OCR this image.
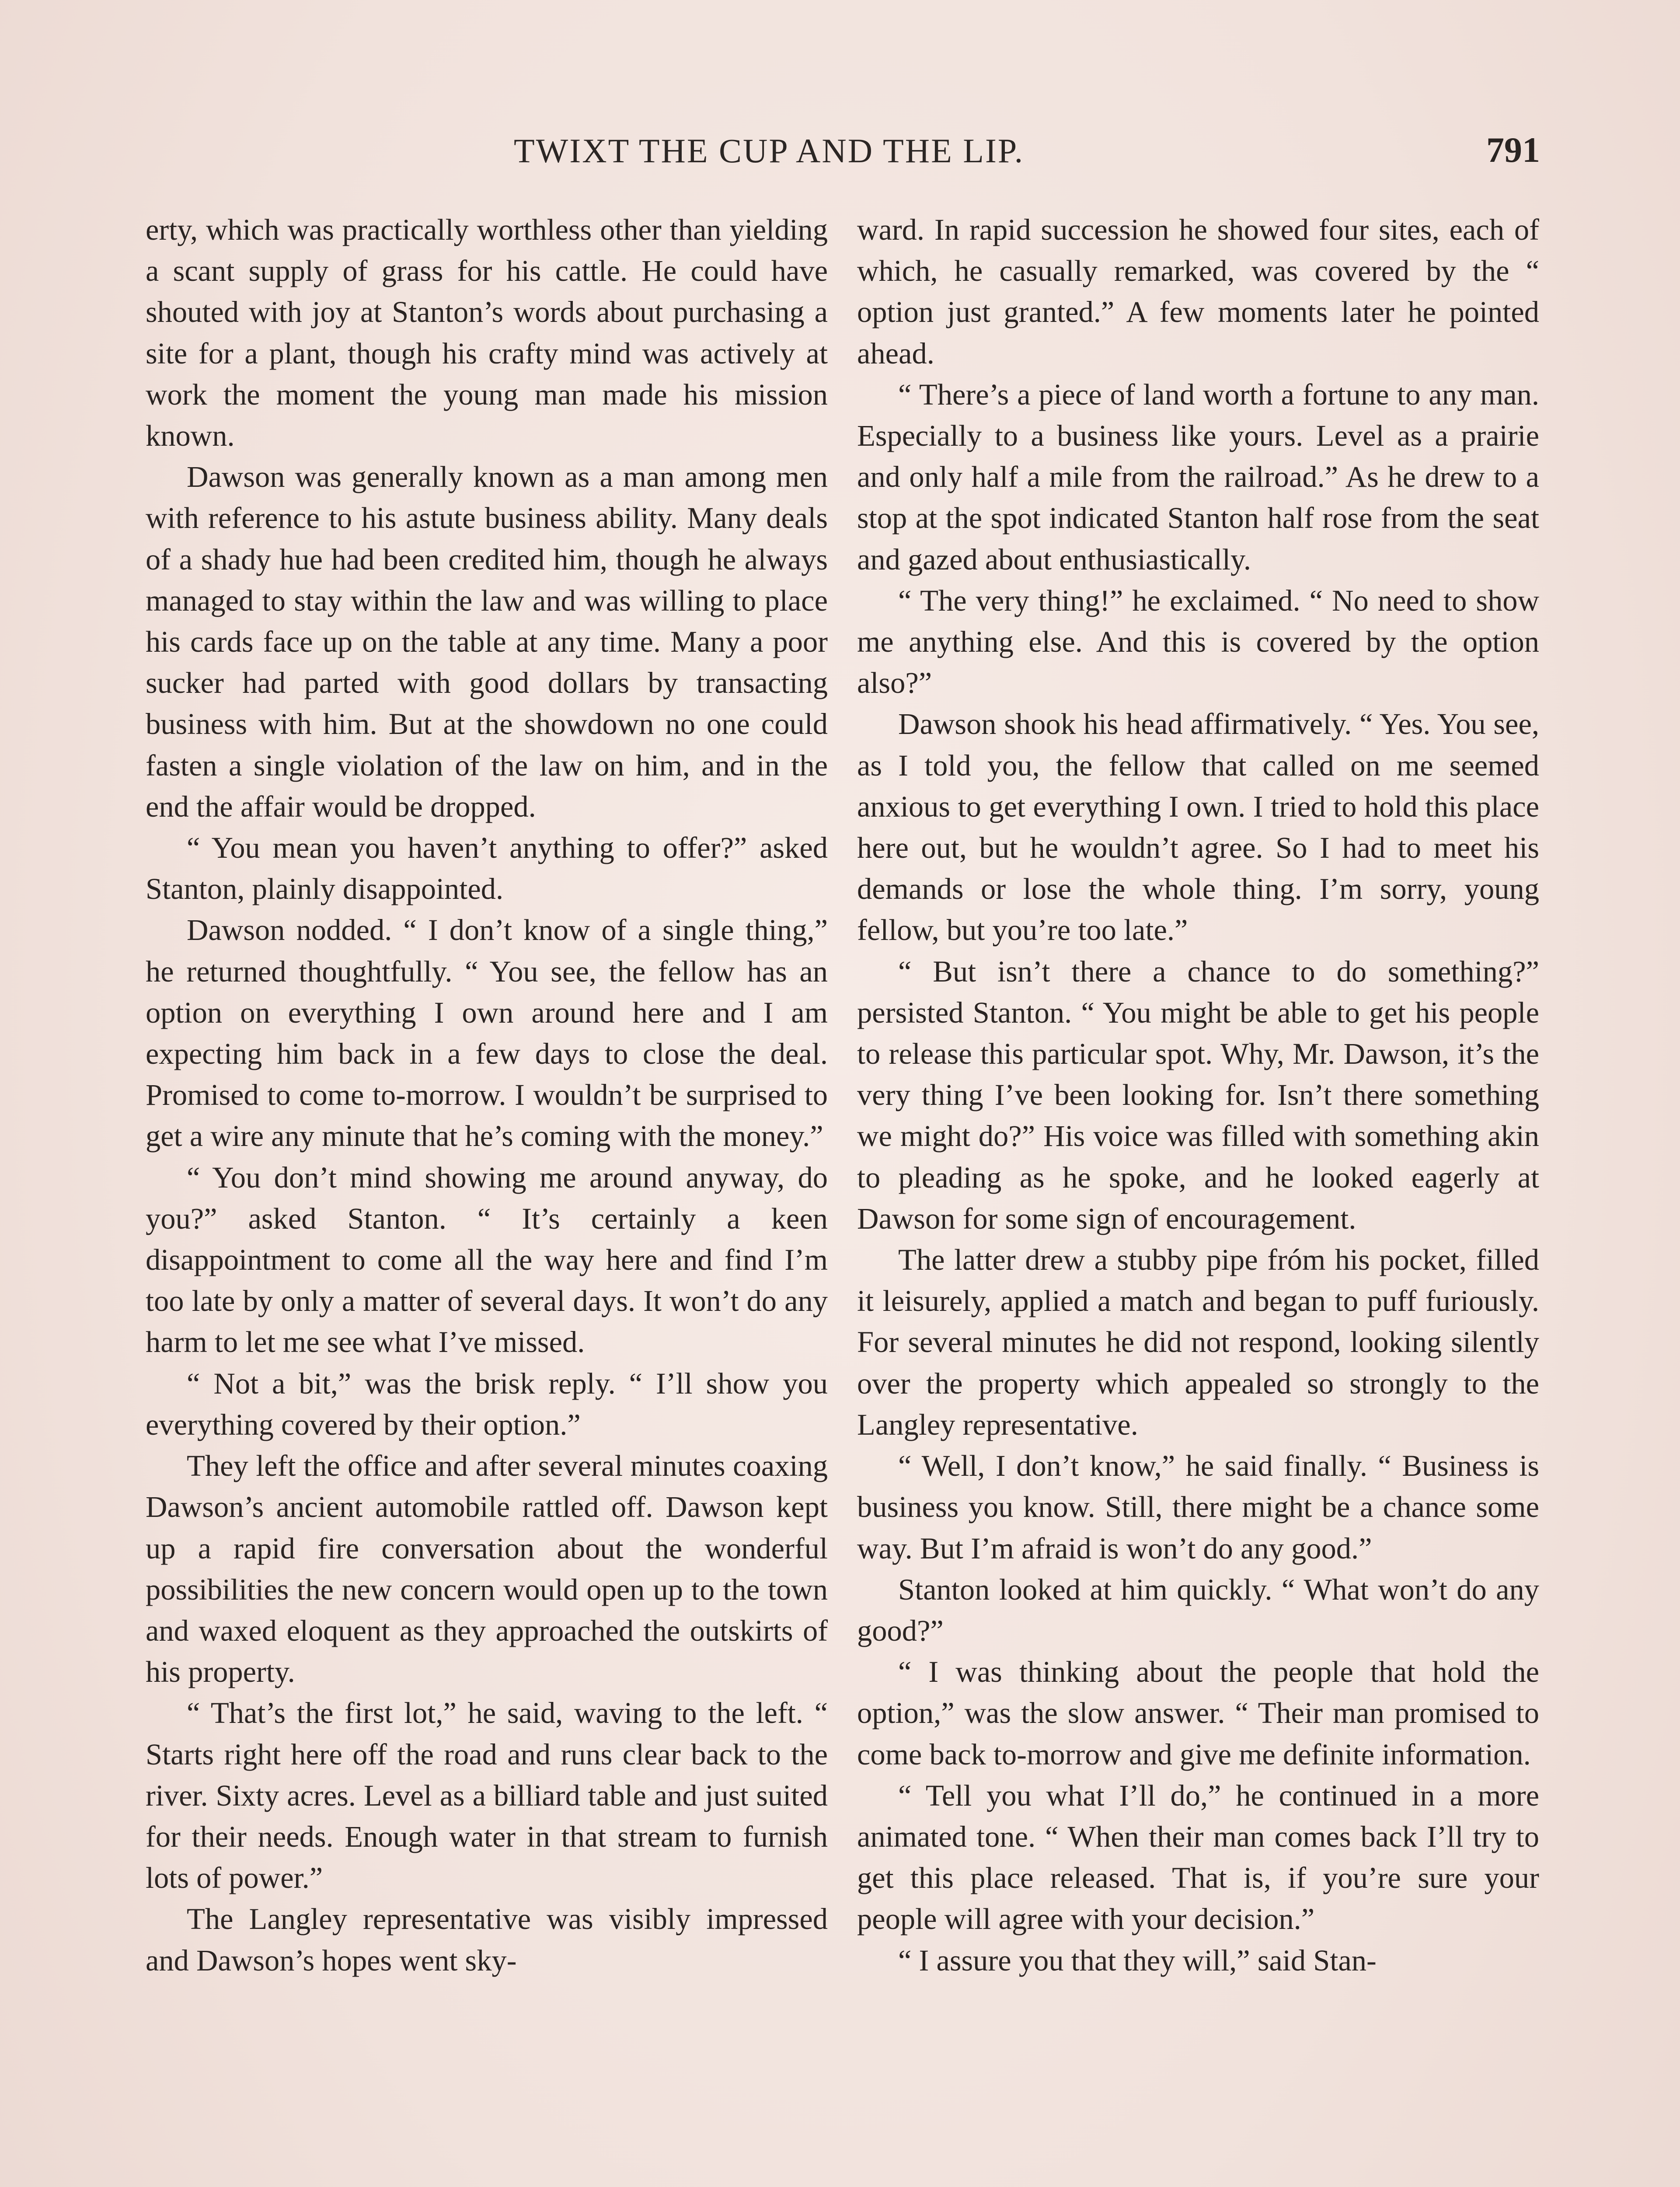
TWIXT THE CUP AND THE LIP.	791

erty, which was practically worthless other than yielding a scant supply of grass for his cattle. He could have shouted with joy at Stanton’s words about purchasing a site for a plant, though his crafty mind was actively at work the moment the young man made his mission known.

Dawson was generally known as a man among men with reference to his astute business ability. Many deals of a shady hue had been credited him, though he always managed to stay within the law and was willing to place his cards face up on the table at any time. Many a poor sucker had parted with good dollars by transacting business with him. But at the showdown no one could fasten a single violation of the law on him, and in the end the affair would be dropped.

“ You mean you haven’t anything to offer?” asked Stanton, plainly disappointed.

Dawson nodded. “ I don’t know of a single thing,” he returned thoughtfully. “ You see, the fellow has an option on everything I own around here and I am expecting him back in a few days to close the deal. Promised to come to-morrow. I wouldn’t be surprised to get a wire any minute that he’s coming with the money.”

“ You don’t mind showing me around anyway, do you?” asked Stanton. “ It’s certainly a keen disappointment to come all the way here and find I’m too late by only a matter of several days. It won’t do any harm to let me see what I’ve missed.

“ Not a bit,” was the brisk reply. “ I’ll show you everything covered by their option.”

They left the office and after several minutes coaxing Dawson’s ancient automobile rattled off. Dawson kept up a rapid fire conversation about the wonderful possibilities the new concern would open up to the town and waxed eloquent as they approached the outskirts of his property.

“ That’s the first lot,” he said, waving to the left. “ Starts right here off the road and runs clear back to the river. Sixty acres. Level as a billiard table and just suited for their needs. Enough water in that stream to furnish lots of power.”

The Langley representative was visibly impressed and Dawson’s hopes went sky-

ward. In rapid succession he showed four sites, each of which, he casually remarked, was covered by the “ option just granted.” A few moments later he pointed ahead.

“ There’s a piece of land worth a fortune to any man. Especially to a business like yours. Level as a prairie and only half a mile from the railroad.” As he drew to a stop at the spot indicated Stanton half rose from the seat and gazed about enthusiastically.

“ The very thing!” he exclaimed. “ No need to show me anything else. And this is covered by the option also?”

Dawson shook his head affirmatively. “ Yes. You see, as I told you, the fellow that called on me seemed anxious to get everything I own. I tried to hold this place here out, but he wouldn’t agree. So I had to meet his demands or lose the whole thing. I’m sorry, young fellow, but you’re too late.”

“ But isn’t there a chance to do something?” persisted Stanton. “ You might be able to get his people to release this particular spot. Why, Mr. Dawson, it’s the very thing I’ve been looking for. Isn’t there something we might do?” His voice was filled with something akin to pleading as he spoke, and he looked eagerly at Dawson for some sign of encouragement.

The latter drew a stubby pipe fróm his pocket, filled it leisurely, applied a match and began to puff furiously. For several minutes he did not respond, looking silently over the property which appealed so strongly to the Langley representative.

“ Well, I don’t know,” he said finally. “ Business is business you know. Still, there might be a chance some way. But I’m afraid is won’t do any good.”

Stanton looked at him quickly. “ What won’t do any good?”

“ I was thinking about the people that hold the option,” was the slow answer. “ Their man promised to come back to-morrow and give me definite information.

“ Tell you what I’ll do,” he continued in a more animated tone. “ When their man comes back I’ll try to get this place released. That is, if you’re sure your people will agree with your decision.”

“ I assure you that they will,” said Stan-
